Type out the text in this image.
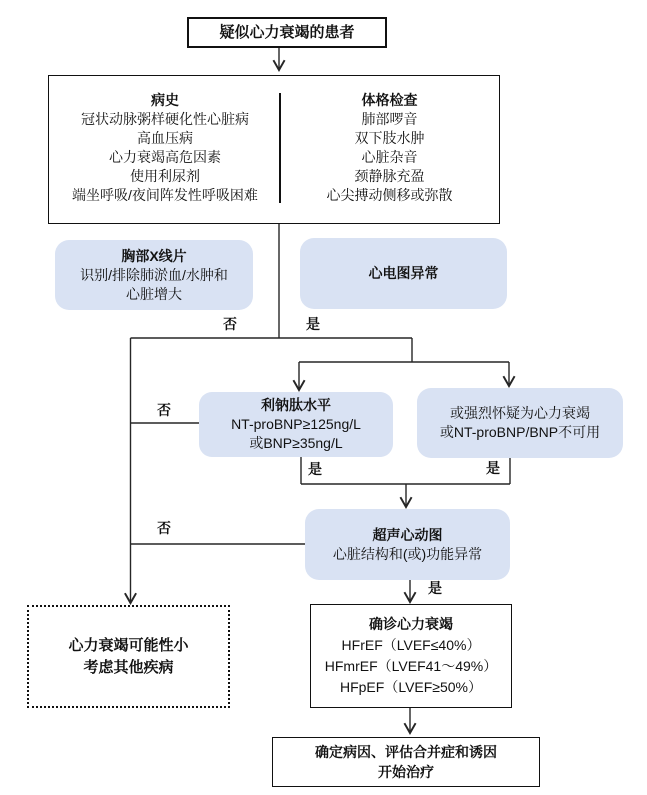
疑似心力衰竭的患者
病史
冠状动脉粥样硬化性心脏病
高血压病
心力衰竭高危因素
使用利尿剂
端坐呼吸/夜间阵发性呼吸困难
体格检查
肺部啰音
双下肢水肿
心脏杂音
颈静脉充盈
心尖搏动侧移或弥散
胸部X线片
识别/排除肺淤血/水肿和
心脏增大
心电图异常
否	是
利钠肽水平
NT-proBNP≥125ng/L
或BNP≥35ng/L
或强烈怀疑为心力衰竭
或NT-proBNP/BNP不可用
否
是	是
超声心动图
心脏结构和(或)功能异常
否
是
心力衰竭可能性小
考虑其他疾病
确诊心力衰竭
HFrEF（LVEF≤40%）
HFmrEF（LVEF41～49%）
HFpEF（LVEF≥50%）
确定病因、评估合并症和诱因
开始治疗
